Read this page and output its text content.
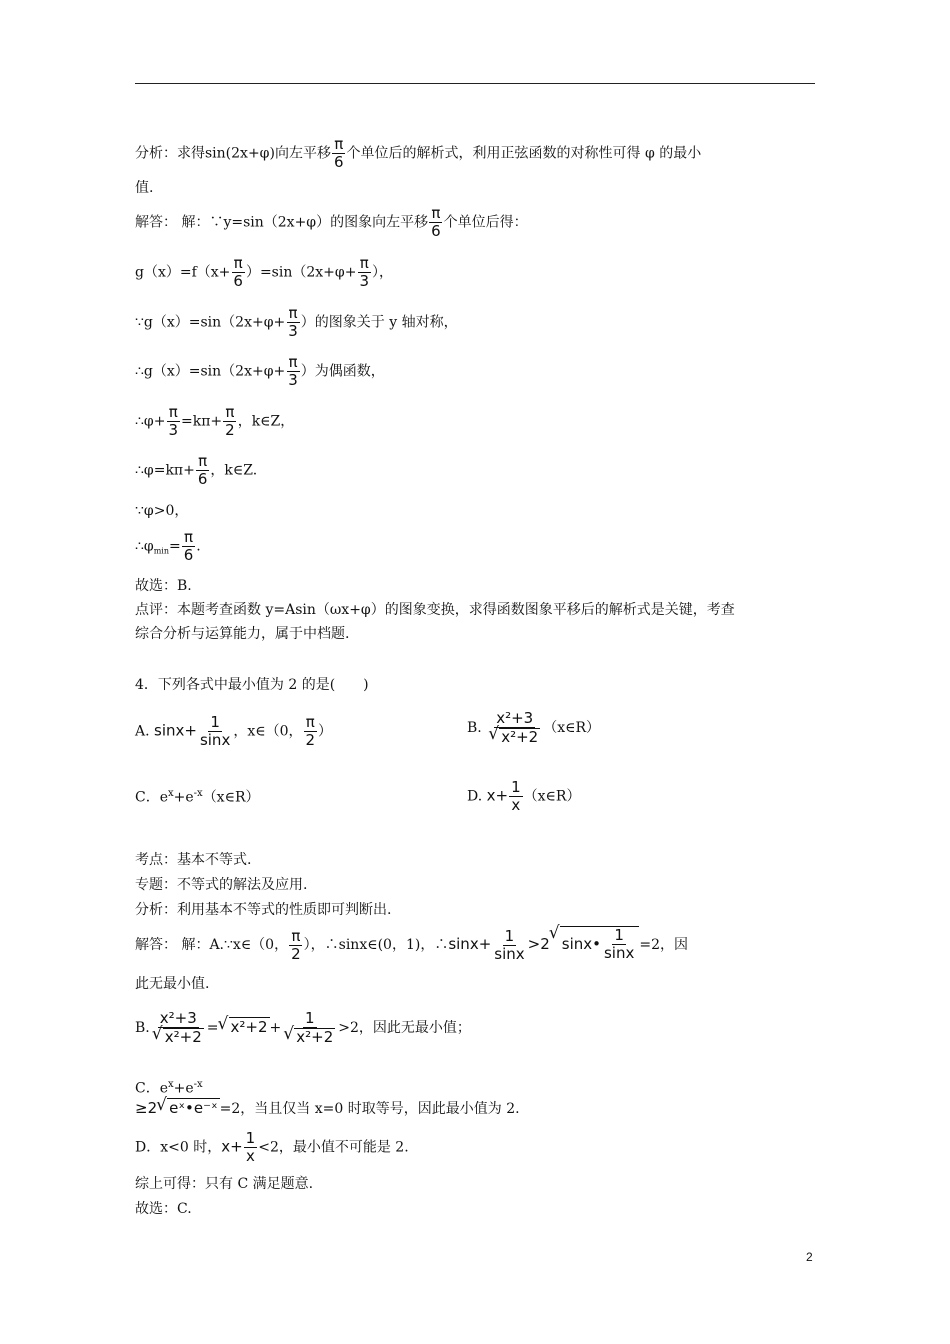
分析：求得sin(2x+φ)向左平移 $\frac{\pi}{6}$ 个单位后的解析式，利用正弦函数的对称性可得 φ 的最小
值.
解答： 解：∵y=sin（2x+φ）的图象向左平移 $\frac{\pi}{6}$ 个单位后得：
$g(x)=f(x+ \frac{\pi}{6} )=\sin(2x+\varphi+ \frac{\pi}{3}$ ），
∵g（x）=sin（2x+φ+ $\frac{\pi}{3}$ ）的图象关于 y 轴对称，
∴g（x）=sin（2x+φ+ $\frac{\pi}{3}$ ）为偶函数，
∴φ+ $\frac{\pi}{3} =k\pi+ \frac{\pi}{2}$ ，k∈Z，
∴φ=kπ+ $\frac{\pi}{6}$ ，k∈Z.
∵φ>0，
$\therefore\varphi_{min}= \frac{\pi}{6}$ .
故选：B.
点评：本题考查函数 y=Asin（ωx+φ）的图象变换，求得函数图象平移后的解析式是关键，考查
综合分析与运算能力，属于中档题.
4．下列各式中最小值为 2 的是(　　)
A. $\sin x+ \frac{1}{\sin x}$ ，x∈（0， $\frac{\pi}{2}$ ）	B. x²+3
√ x²+2 （x∈R）
C．$e^x+e^{-x}(x\in R)$	D. $x+ \frac{1}{x}$ （x∈R）
考点：基本不等式.
专题：不等式的解法及应用.
分析：利用基本不等式的性质即可判断出.
解答： 解：A.∵x∈（0， $\frac{\pi}{2}$ ），∴sinx∈(0，1)，∴sinx+ $\frac{1}{\sin x} >2√$ sinx• $\frac{1}{\sin x} =2$，因
此无最小值.
B. x²+3
√ x²+2 =√ x²+2 + 1
√ x²+2 >2，因此无最小值；
C．$e^x+e^{-x}$
≥2√ eˣ•e⁻ˣ =2，当且仅当 x=0 时取等号，因此最小值为 2.
D．x<0 时，$x+ \frac{1}{x} <2$，最小值不可能是 2.
综上可得：只有 C 满足题意.
故选：C.
2
